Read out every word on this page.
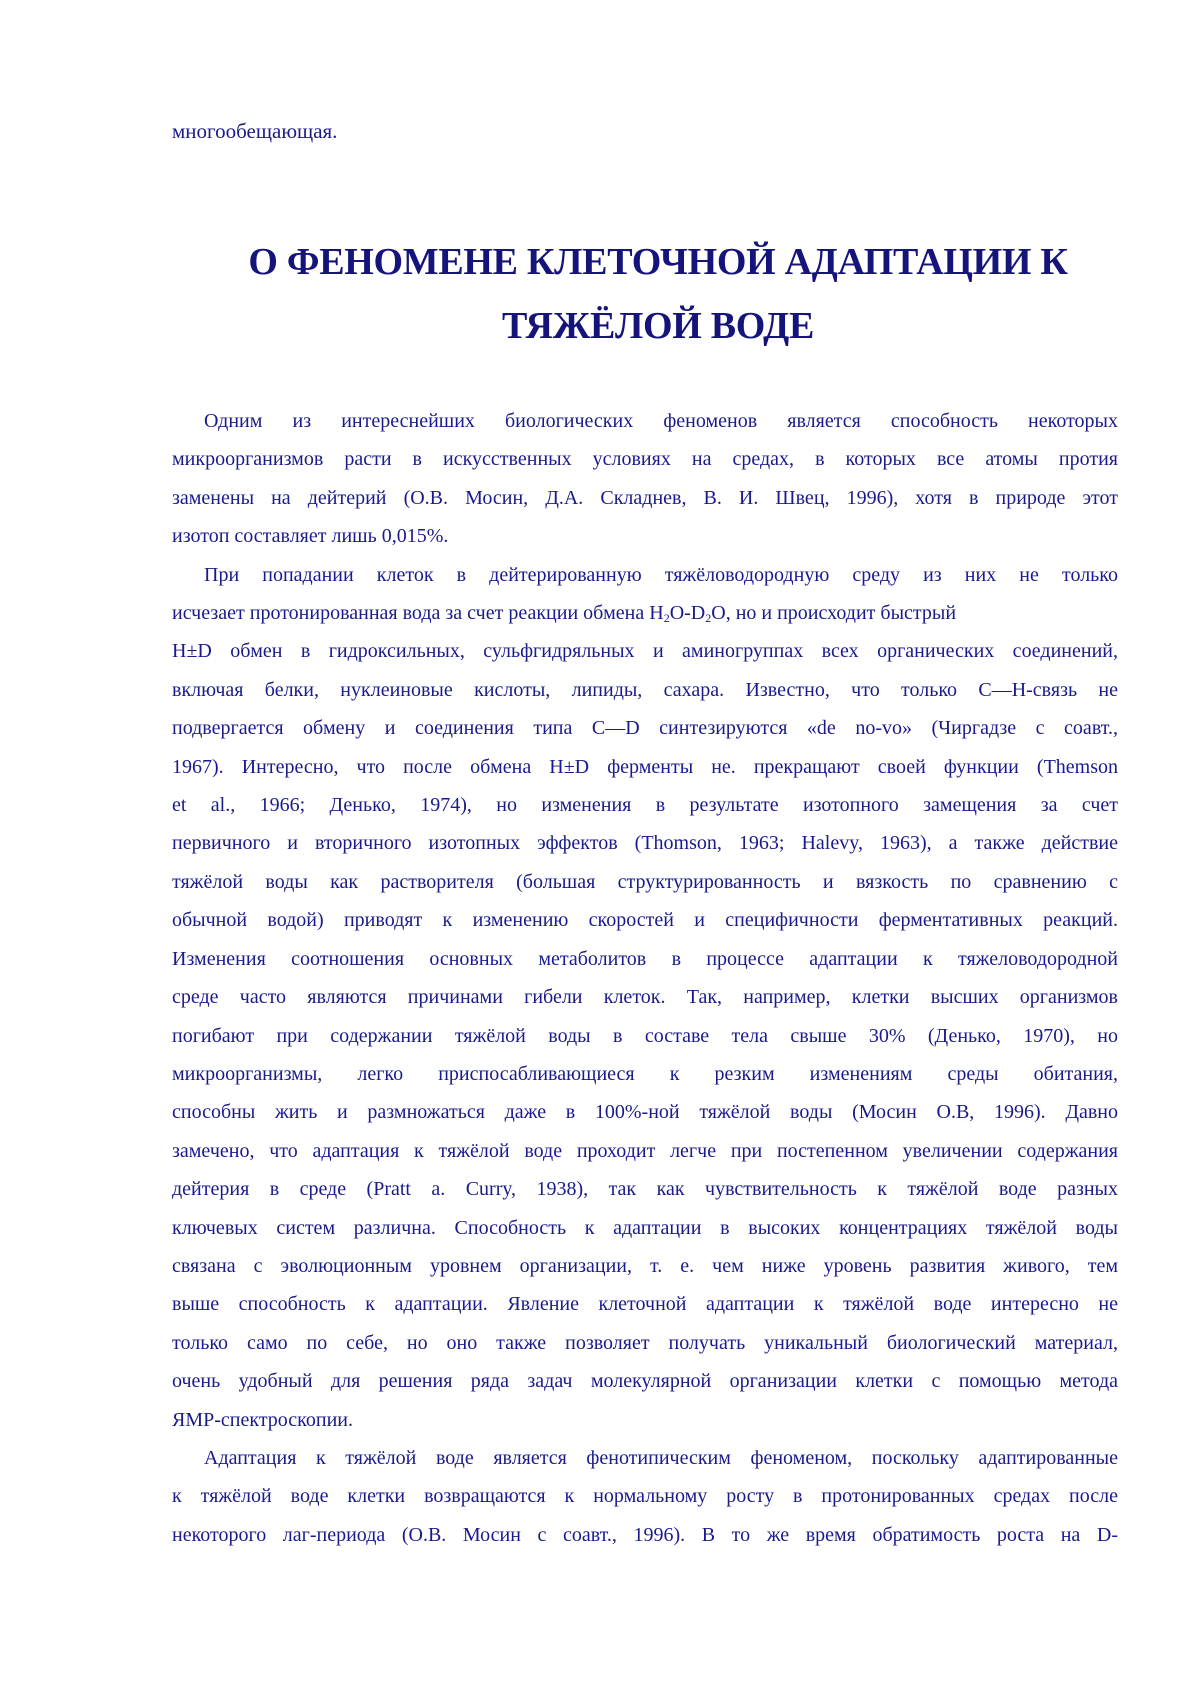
многообещающая.
О ФЕНОМЕНЕ КЛЕТОЧНОЙ АДАПТАЦИИ К
ТЯЖЁЛОЙ ВОДЕ

Одним из интереснейших биологических феноменов является способность некоторых
микроорганизмов расти в искусственных условиях на средах, в которых все атомы протия
заменены на дейтерий (О.В. Мосин, Д.А. Складнев, В. И. Швец, 1996), хотя в природе этот
изотоп составляет лишь 0,015%.

При попадании клеток в дейтерированную тяжёловодородную среду из них не только
исчезает протонированная вода за счет реакции обмена $H_2O-D_2O$, но и происходит быстрый
H±D обмен в гидроксильных, сульфгидряльных и аминогруппах всех органических соединений,
включая белки, нуклеиновые кислоты, липиды, сахара. Известно, что только C—H-связь не
подвергается обмену и соединения типа C—D синтезируются «de no-vo» (Чиргадзе с соавт.,
1967). Интересно, что после обмена H±D ферменты не. прекращают своей функции (Themson
et al., 1966; Денько, 1974), но изменения в результате изотопного замещения за счет
первичного и вторичного изотопных эффектов (Thomson, 1963; Halevy, 1963), а также действие
тяжёлой воды как растворителя (большая структурированность и вязкость по сравнению с
обычной водой) приводят к изменению скоростей и специфичности ферментативных реакций.
Изменения соотношения основных метаболитов в процессе адаптации к тяжеловодородной
среде часто являются причинами гибели клеток. Так, например, клетки высших организмов
погибают при содержании тяжёлой воды в составе тела свыше 30% (Денько, 1970), но
микроорганизмы, легко приспосабливающиеся к резким изменениям среды обитания,
способны жить и размножаться даже в 100%-ной тяжёлой воды (Мосин О.В, 1996). Давно
замечено, что адаптация к тяжёлой воде проходит легче при постепенном увеличении содержания
дейтерия в среде (Pratt a. Curry, 1938), так как чувствительность к тяжёлой воде разных
ключевых систем различна. Способность к адаптации в высоких концентрациях тяжёлой воды
связана с эволюционным уровнем организации, т. е. чем ниже уровень развития живого, тем
выше способность к адаптации. Явление клеточной адаптации к тяжёлой воде интересно не
только само по себе, но оно также позволяет получать уникальный биологический материал,
очень удобный для решения ряда задач молекулярной организации клетки с помощью метода
ЯМР-спектроскопии.

Адаптация к тяжёлой воде является фенотипическим феноменом, поскольку адаптированные
к тяжёлой воде клетки возвращаются к нормальному росту в протонированных средах после
некоторого лаг-периода (О.В. Мосин с соавт., 1996). В то же время обратимость роста на D-
